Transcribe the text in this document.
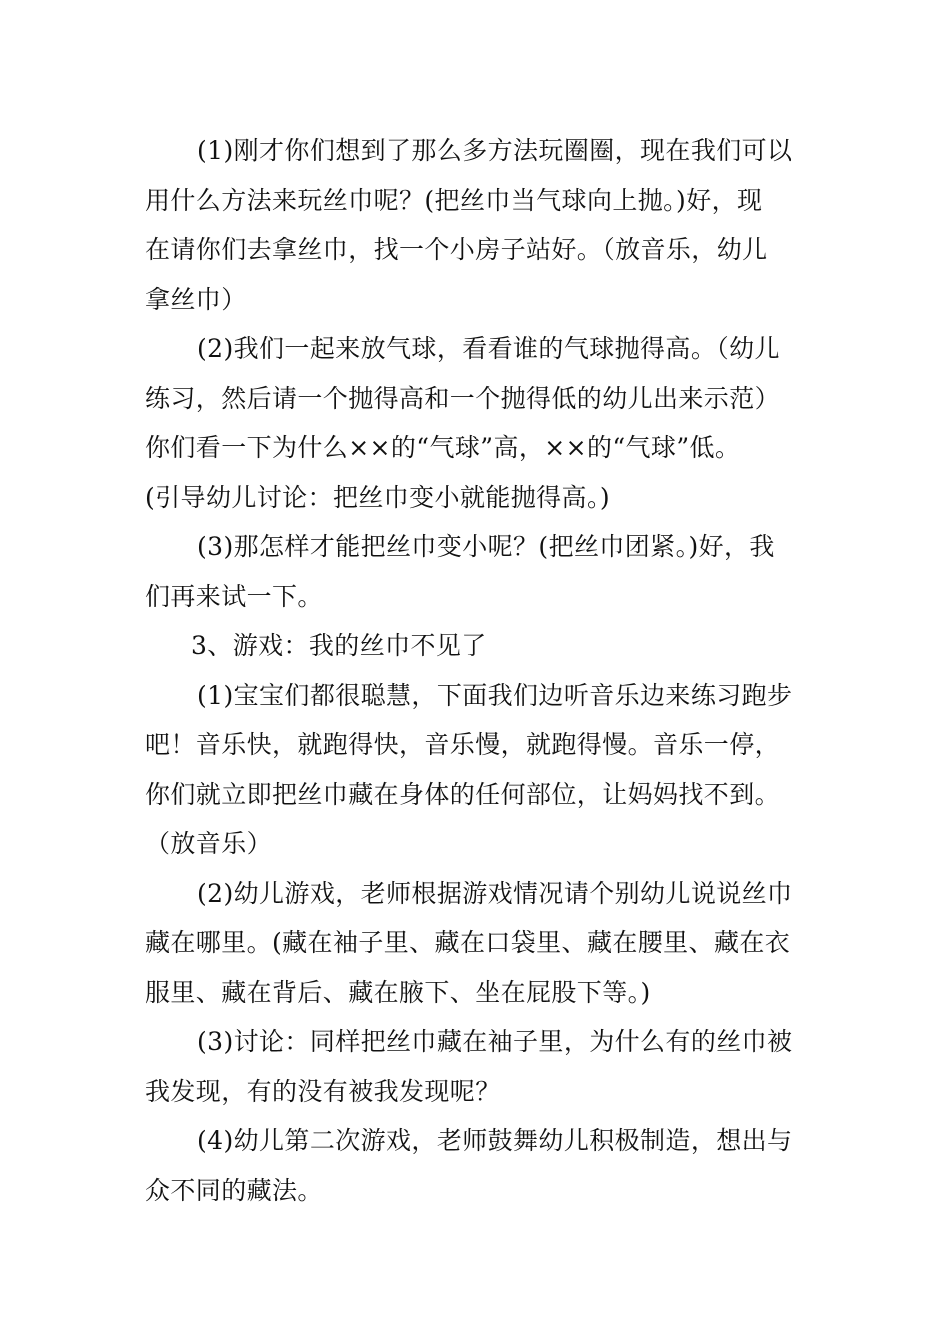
(1)刚才你们想到了那么多方法玩圈圈，现在我们可以
用什么方法来玩丝巾呢？(把丝巾当气球向上抛。)好，现
在请你们去拿丝巾，找一个小房子站好。（放音乐，幼儿
拿丝巾）
(2)我们一起来放气球，看看谁的气球抛得高。（幼儿
练习，然后请一个抛得高和一个抛得低的幼儿出来示范）
你们看一下为什么××的“气球”高，××的“气球”低。
(引导幼儿讨论：把丝巾变小就能抛得高。)
(3)那怎样才能把丝巾变小呢？(把丝巾团紧。)好，我
们再来试一下。
3、游戏：我的丝巾不见了
(1)宝宝们都很聪慧，下面我们边听音乐边来练习跑步
吧！音乐快，就跑得快，音乐慢，就跑得慢。音乐一停，
你们就立即把丝巾藏在身体的任何部位，让妈妈找不到。
（放音乐）
(2)幼儿游戏，老师根据游戏情况请个别幼儿说说丝巾
藏在哪里。(藏在袖子里、藏在口袋里、藏在腰里、藏在衣
服里、藏在背后、藏在腋下、坐在屁股下等。)
(3)讨论：同样把丝巾藏在袖子里，为什么有的丝巾被
我发现，有的没有被我发现呢？
(4)幼儿第二次游戏，老师鼓舞幼儿积极制造，想出与
众不同的藏法。
